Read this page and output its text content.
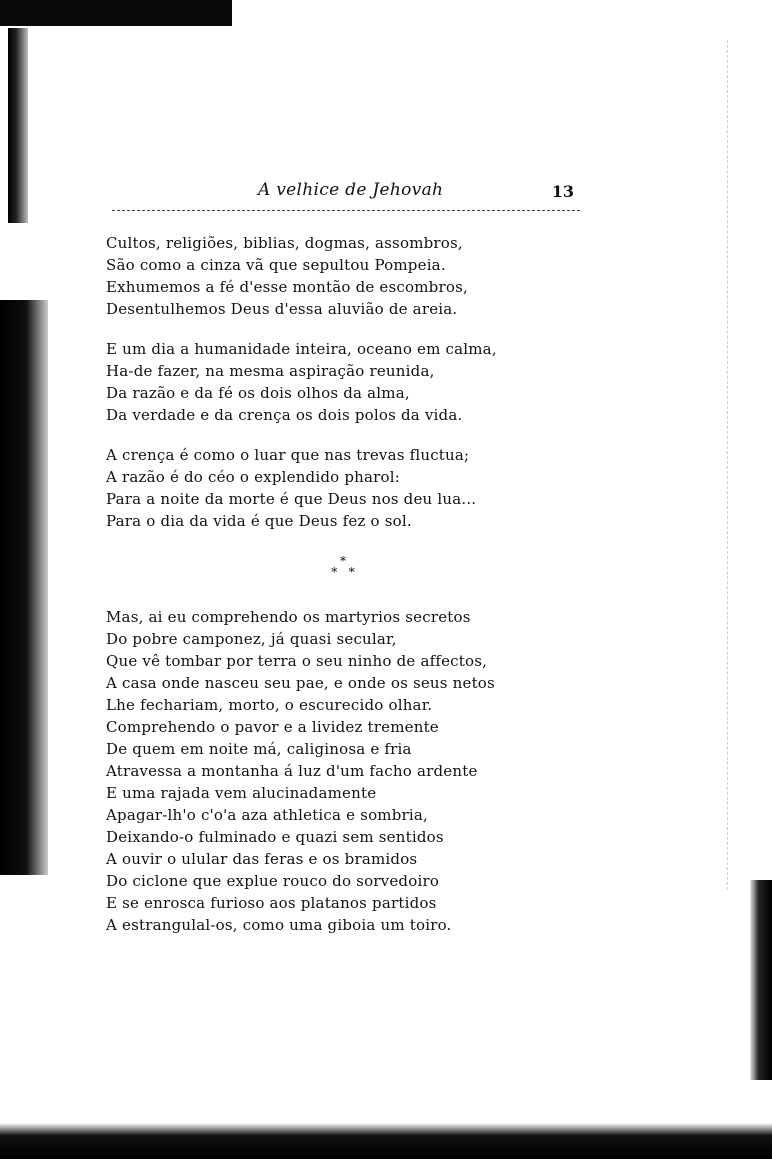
A velhice de Jehovah	13
Cultos, religiões, biblias, dogmas, assombros,
São como a cinza vã que sepultou Pompeia.
Exhumemos a fé d'esse montão de escombros,
Desentulhemos Deus d'essa aluvião de areia.
E um dia a humanidade inteira, oceano em calma,
Ha-de fazer, na mesma aspiração reunida,
Da razão e da fé os dois olhos da alma,
Da verdade e da crença os dois polos da vida.
A crença é como o luar que nas trevas fluctua;
A razão é do céo o explendido pharol:
Para a noite da morte é que Deus nos deu lua...
Para o dia da vida é que Deus fez o sol.
*
*   *
Mas, ai eu comprehendo os martyrios secretos
Do pobre camponez, já quasi secular,
Que vê tombar por terra o seu ninho de affectos,
A casa onde nasceu seu pae, e onde os seus netos
Lhe fechariam, morto, o escurecido olhar.
Comprehendo o pavor e a lividez tremente
De quem em noite má, caliginosa e fria
Atravessa a montanha á luz d'um facho ardente
E uma rajada vem alucinadamente
Apagar-lh'o c'o'a aza athletica e sombria,
Deixando-o fulminado e quazi sem sentidos
A ouvir o ulular das feras e os bramidos
Do ciclone que explue rouco do sorvedoiro
E se enrosca furioso aos platanos partidos
A estrangulal-os, como uma giboia um toiro.
